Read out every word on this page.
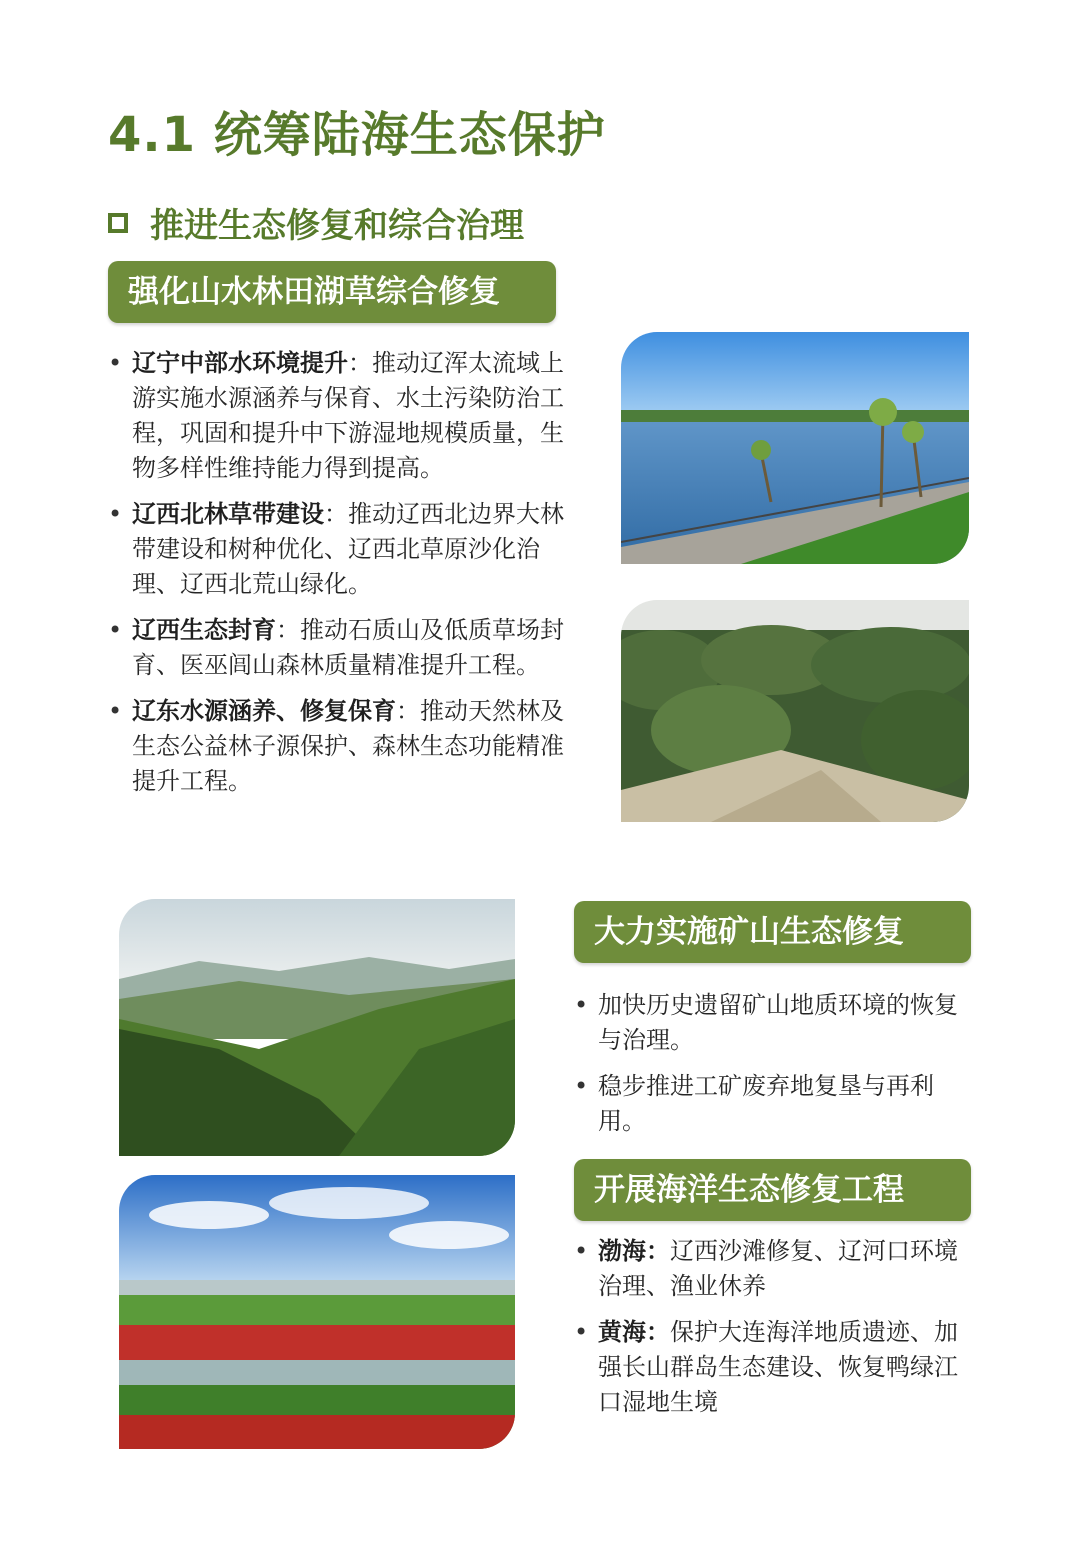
4.1 统筹陆海生态保护
推进生态修复和综合治理
强化山水林田湖草综合修复
• 辽宁中部水环境提升：推动辽浑太流域上游实施水源涵养与保育、水土污染防治工程，巩固和提升中下游湿地规模质量，生物多样性维持能力得到提高。
• 辽西北林草带建设：推动辽西北边界大林带建设和树种优化、辽西北草原沙化治理、辽西北荒山绿化。
• 辽西生态封育：推动石质山及低质草场封育、医巫闾山森林质量精准提升工程。
• 辽东水源涵养、修复保育：推动天然林及生态公益林子源保护、森林生态功能精准提升工程。
大力实施矿山生态修复
• 加快历史遗留矿山地质环境的恢复与治理。
• 稳步推进工矿废弃地复垦与再利用。
开展海洋生态修复工程
• 渤海：辽西沙滩修复、辽河口环境治理、渔业休养
• 黄海：保护大连海洋地质遗迹、加强长山群岛生态建设、恢复鸭绿江口湿地生境
